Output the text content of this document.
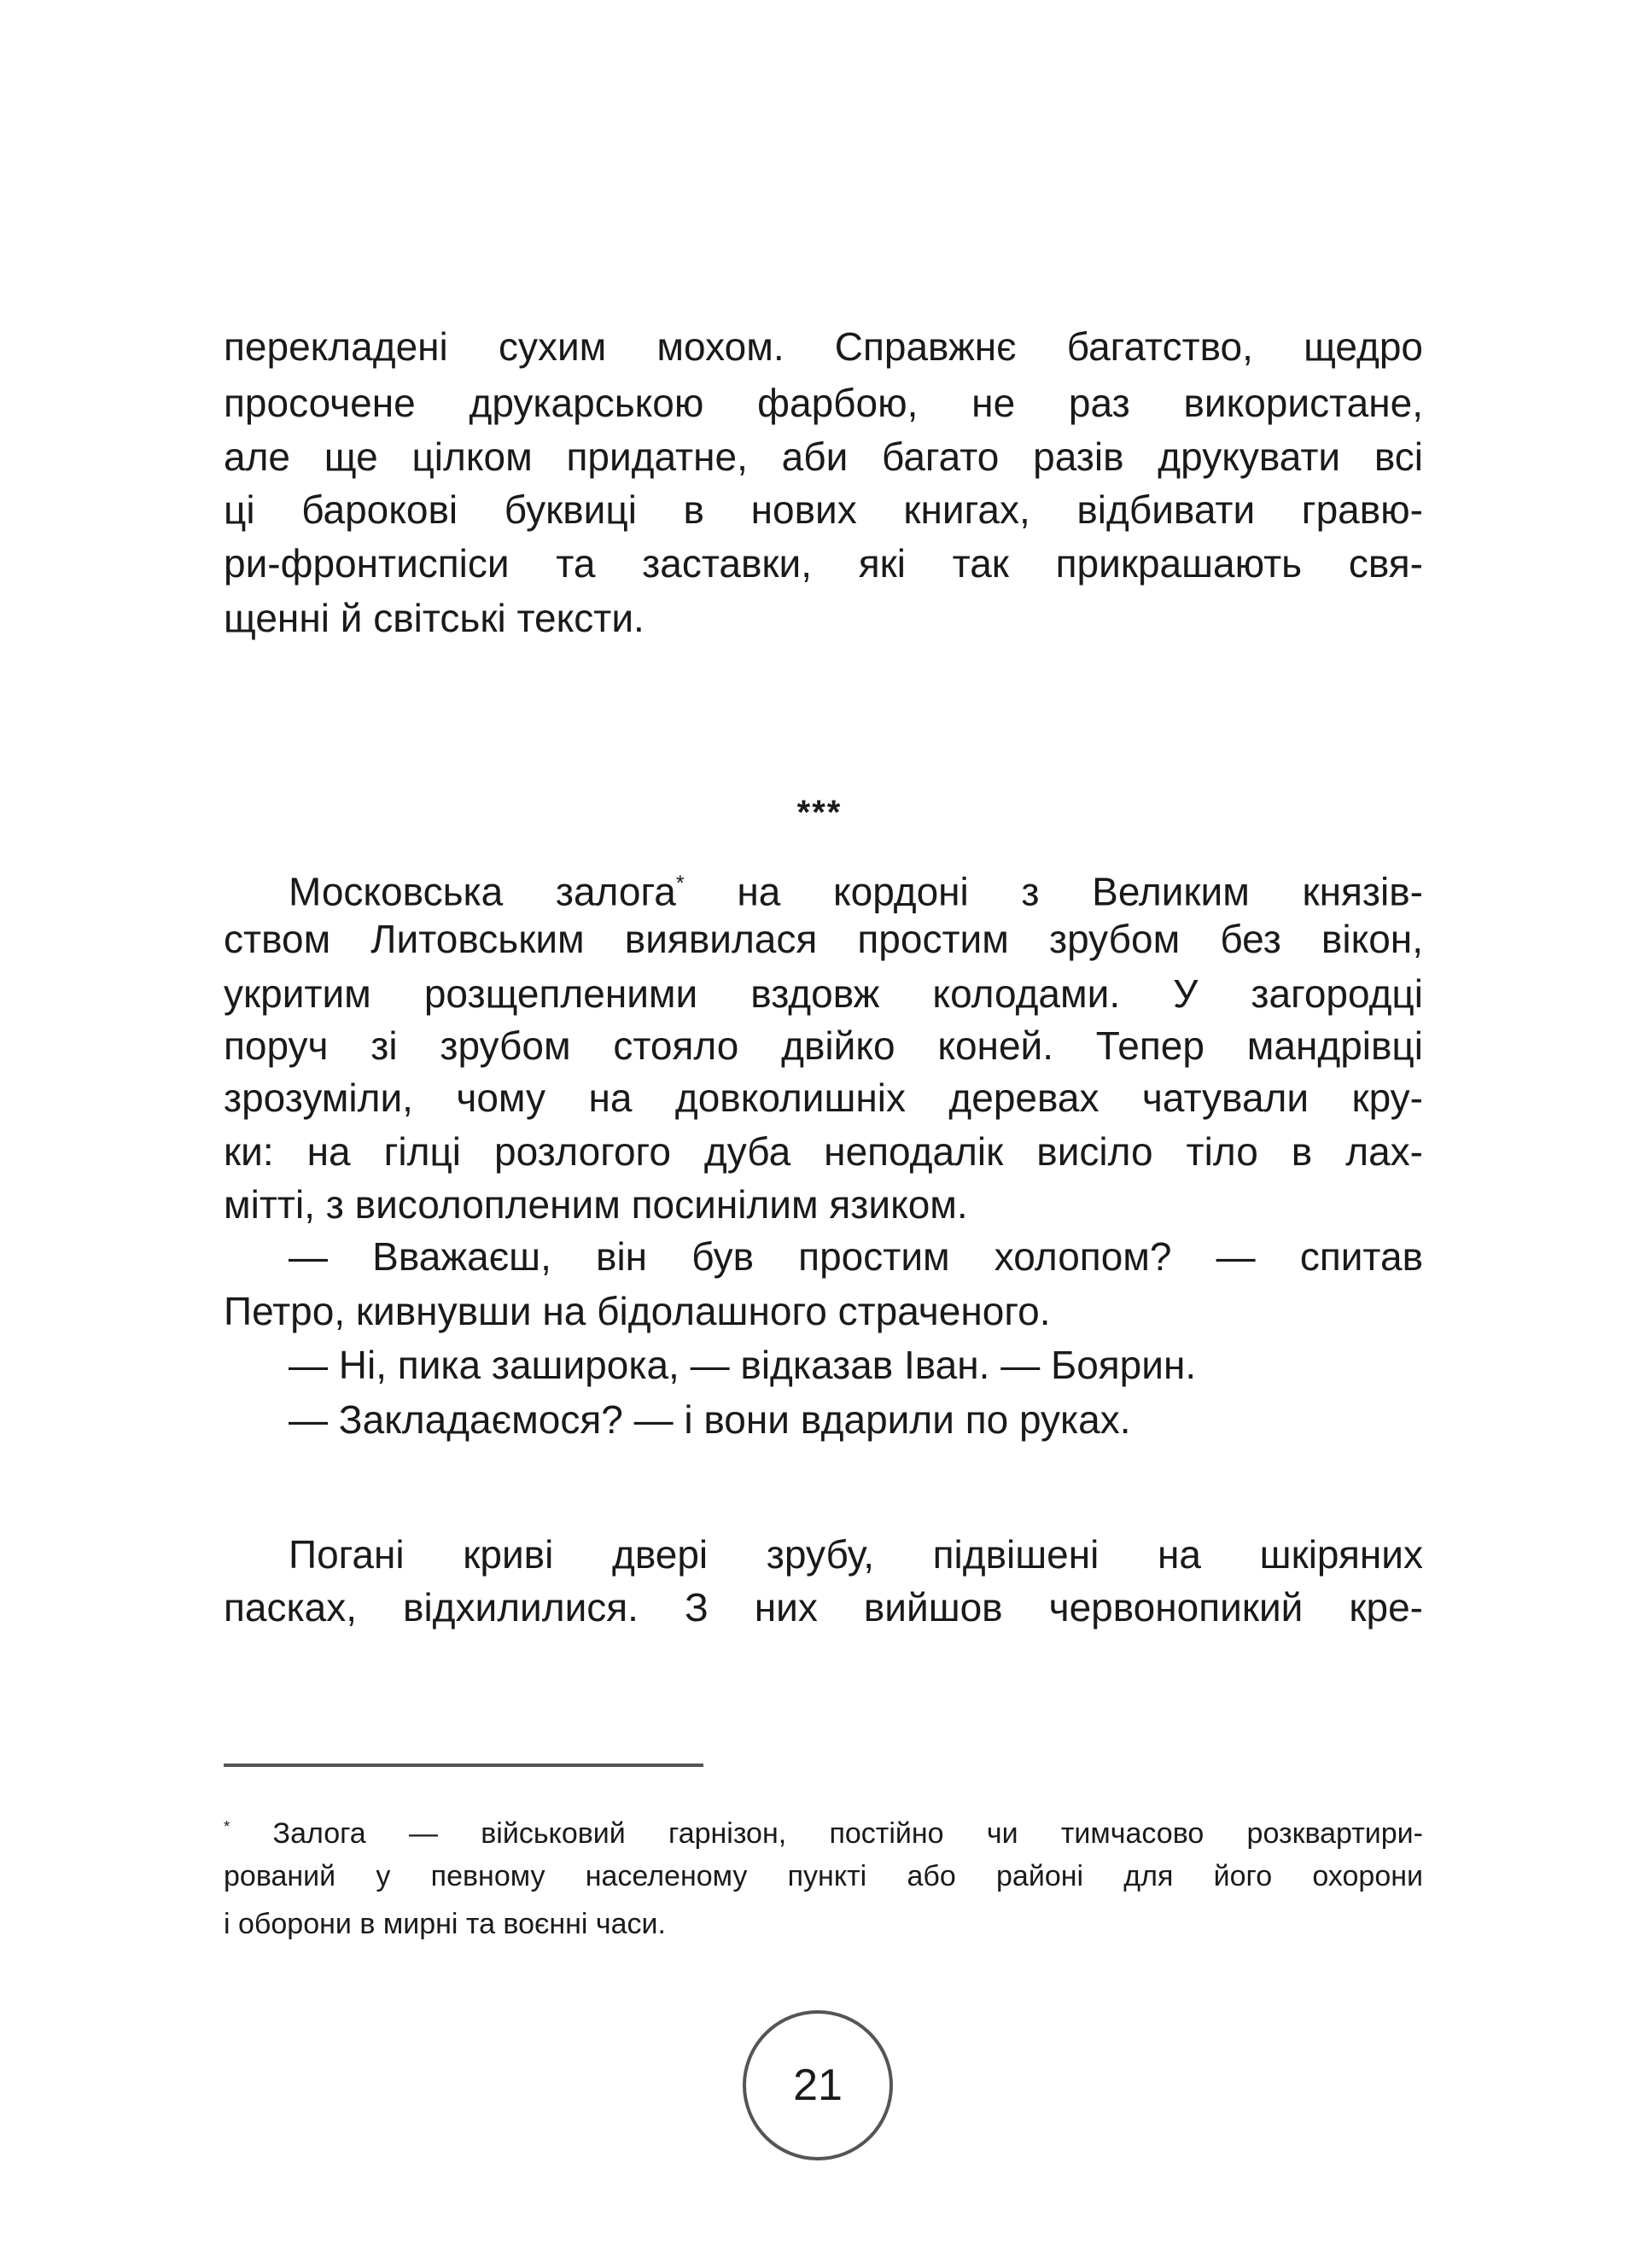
перекладені сухим мохом. Справжнє багатство, щедро
просочене друкарською фарбою, не раз використане,
але ще цілком придатне, аби багато разів друкувати всі
ці барокові буквиці в нових книгах, відбивати гравю-
ри-фронтиспіси та заставки, які так прикрашають свя-
щенні й світські тексти.
***
Московська залога* на кордоні з Великим князів-
ством Литовським виявилася простим зрубом без вікон,
укритим розщепленими вздовж колодами. У загородці
поруч зі зрубом стояло двійко коней. Тепер мандрівці
зрозуміли, чому на довколишніх деревах чатували кру-
ки: на гілці розлогого дуба неподалік висіло тіло в лах-
мітті, з висолопленим посинілим язиком.
— Вважаєш, він був простим холопом? — спитав
Петро, кивнувши на бідолашного страченого.
— Ні, пика заширока, — відказав Іван. — Боярин.
— Закладаємося? — і вони вдарили по руках.
Погані криві двері зрубу, підвішені на шкіряних
пасках, відхилилися. З них вийшов червонопикий кре-
* Залога — військовий гарнізон, постійно чи тимчасово розквартири-
рований у певному населеному пункті або районі для його охорони
і оборони в мирні та воєнні часи.
21
